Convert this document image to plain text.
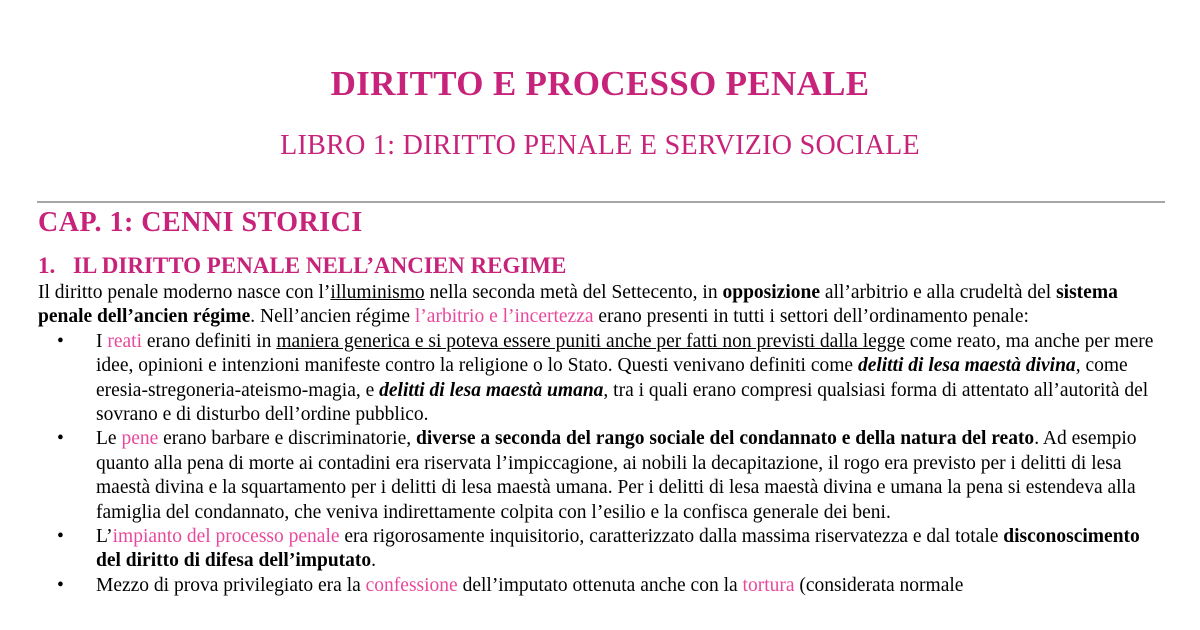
DIRITTO E PROCESSO PENALE
LIBRO 1: DIRITTO PENALE E SERVIZIO SOCIALE
CAP. 1: CENNI STORICI
1. IL DIRITTO PENALE NELL’ANCIEN REGIME

Il diritto penale moderno nasce con l’illuminismo nella seconda metà del Settecento, in opposizione all’arbitrio e alla crudeltà del sistema penale dell’ancien régime. Nell’ancien régime l’arbitrio e l’incertezza erano presenti in tutti i settori dell’ordinamento penale:

• I reati erano definiti in maniera generica e si poteva essere puniti anche per fatti non previsti dalla legge come reato, ma anche per mere idee, opinioni e intenzioni manifeste contro la religione o lo Stato. Questi venivano definiti come delitti di lesa maestà divina, come eresia-stregoneria-ateismo-magia, e delitti di lesa maestà umana, tra i quali erano compresi qualsiasi forma di attentato all’autorità del sovrano e di disturbo dell’ordine pubblico.
• Le pene erano barbare e discriminatorie, diverse a seconda del rango sociale del condannato e della natura del reato. Ad esempio quanto alla pena di morte ai contadini era riservata l’impiccagione, ai nobili la decapitazione, il rogo era previsto per i delitti di lesa maestà divina e la squartamento per i delitti di lesa maestà umana. Per i delitti di lesa maestà divina e umana la pena si estendeva alla famiglia del condannato, che veniva indirettamente colpita con l’esilio e la confisca generale dei beni.
• L’impianto del processo penale era rigorosamente inquisitorio, caratterizzato dalla massima riservatezza e dal totale disconoscimento del diritto di difesa dell’imputato.
• Mezzo di prova privilegiato era la confessione dell’imputato ottenuta anche con la tortura (considerata normale
